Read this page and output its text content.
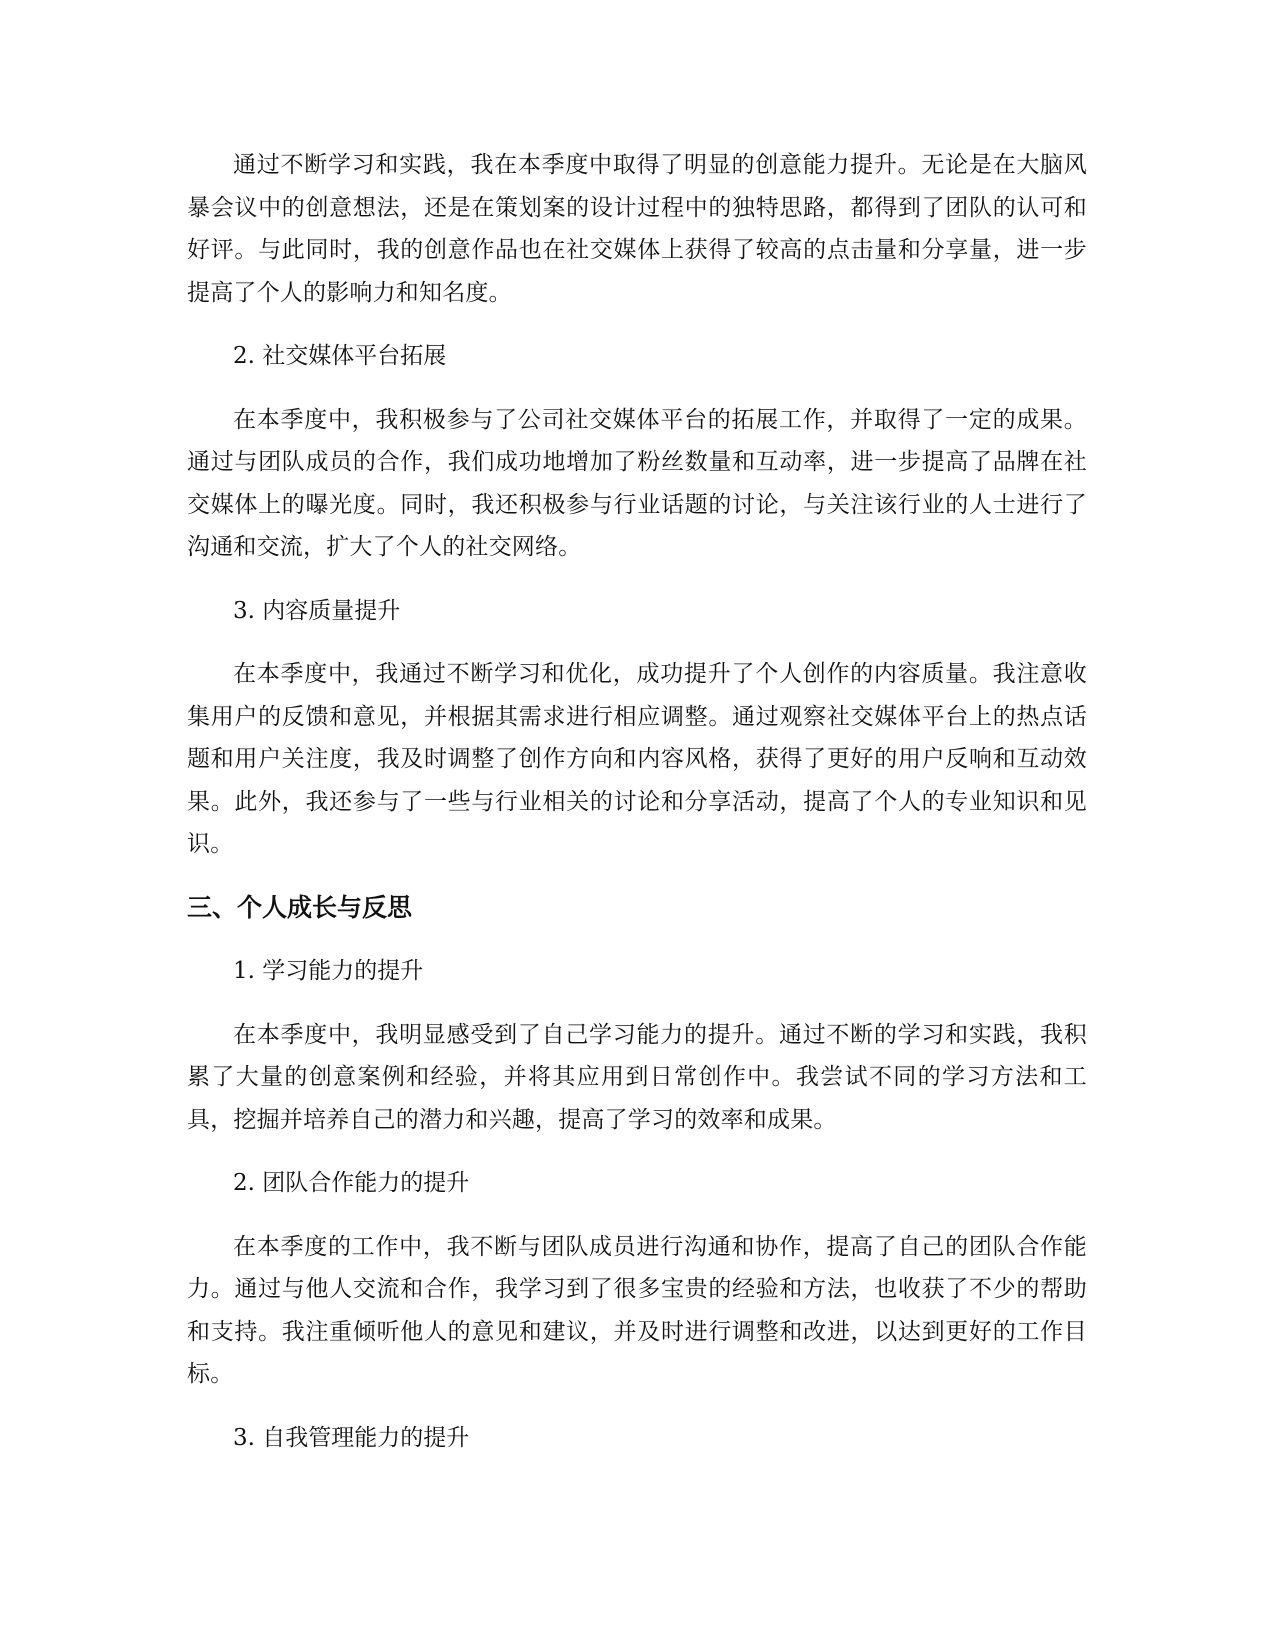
通过不断学习和实践，我在本季度中取得了明显的创意能力提升。无论是在大脑风暴会议中的创意想法，还是在策划案的设计过程中的独特思路，都得到了团队的认可和好评。与此同时，我的创意作品也在社交媒体上获得了较高的点击量和分享量，进一步提高了个人的影响力和知名度。

2. 社交媒体平台拓展

在本季度中，我积极参与了公司社交媒体平台的拓展工作，并取得了一定的成果。通过与团队成员的合作，我们成功地增加了粉丝数量和互动率，进一步提高了品牌在社交媒体上的曝光度。同时，我还积极参与行业话题的讨论，与关注该行业的人士进行了沟通和交流，扩大了个人的社交网络。

3. 内容质量提升

在本季度中，我通过不断学习和优化，成功提升了个人创作的内容质量。我注意收集用户的反馈和意见，并根据其需求进行相应调整。通过观察社交媒体平台上的热点话题和用户关注度，我及时调整了创作方向和内容风格，获得了更好的用户反响和互动效果。此外，我还参与了一些与行业相关的讨论和分享活动，提高了个人的专业知识和见识。

三、个人成长与反思

1. 学习能力的提升

在本季度中，我明显感受到了自己学习能力的提升。通过不断的学习和实践，我积累了大量的创意案例和经验，并将其应用到日常创作中。我尝试不同的学习方法和工具，挖掘并培养自己的潜力和兴趣，提高了学习的效率和成果。

2. 团队合作能力的提升

在本季度的工作中，我不断与团队成员进行沟通和协作，提高了自己的团队合作能力。通过与他人交流和合作，我学习到了很多宝贵的经验和方法，也收获了不少的帮助和支持。我注重倾听他人的意见和建议，并及时进行调整和改进，以达到更好的工作目标。

3. 自我管理能力的提升
